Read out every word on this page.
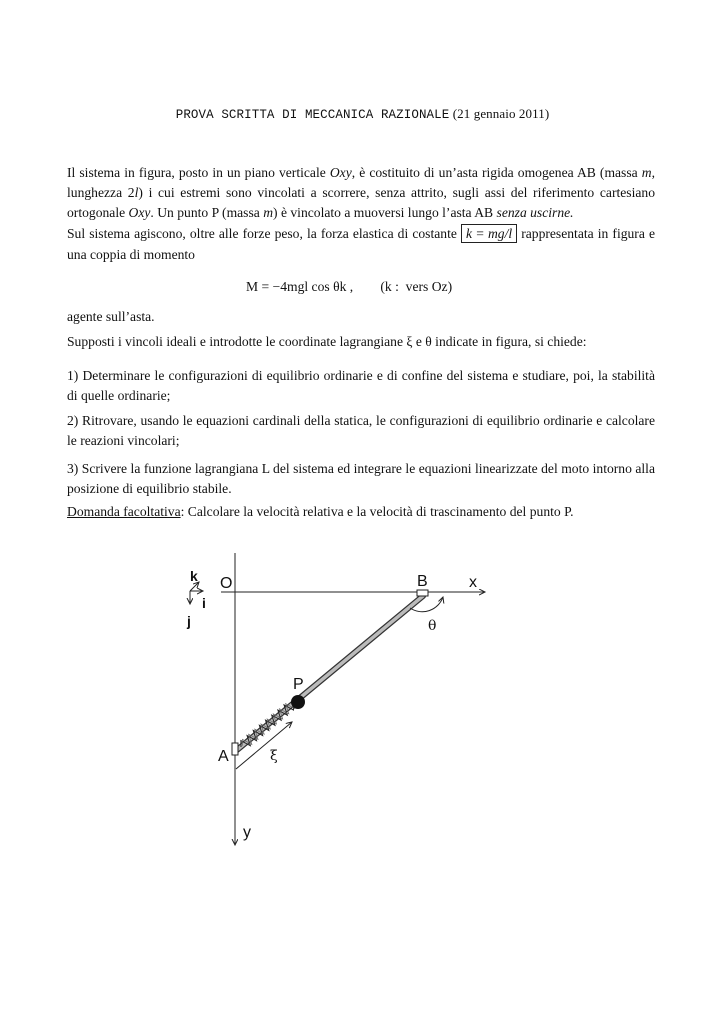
PROVA SCRITTA DI MECCANICA RAZIONALE (21 gennaio 2011)

Il sistema in figura, posto in un piano verticale Oxy, è costituito di un’asta rigida omogenea AB (massa m, lunghezza 2l) i cui estremi sono vincolati a scorrere, senza attrito, sugli assi del riferimento cartesiano ortogonale Oxy. Un punto P (massa m) è vincolato a muoversi lungo l’asta AB senza uscirne.

Sul sistema agiscono, oltre alle forze peso, la forza elastica di costante k = mg/l rappresentata in figura e una coppia di momento

M = −4mgl cos θk ,        (k :  vers Oz)
agente sull’asta.
Supposti i vincoli ideali e introdotte le coordinate lagrangiane ξ e θ indicate in figura, si chiede:
1) Determinare le configurazioni di equilibrio ordinarie e di confine del sistema e studiare, poi, la stabilità di quelle ordinarie;
2) Ritrovare, usando le equazioni cardinali della statica, le configurazioni di equilibrio ordinarie e calcolare le reazioni vincolari;
3) Scrivere la funzione lagrangiana L del sistema ed integrare le equazioni linearizzate del moto intorno alla posizione di equilibrio stabile.
Domanda facoltativa: Calcolare la velocità relativa e la velocità di trascinamento del punto P.
k
i
j
O	B	x
y
A
P
ξ
θ
